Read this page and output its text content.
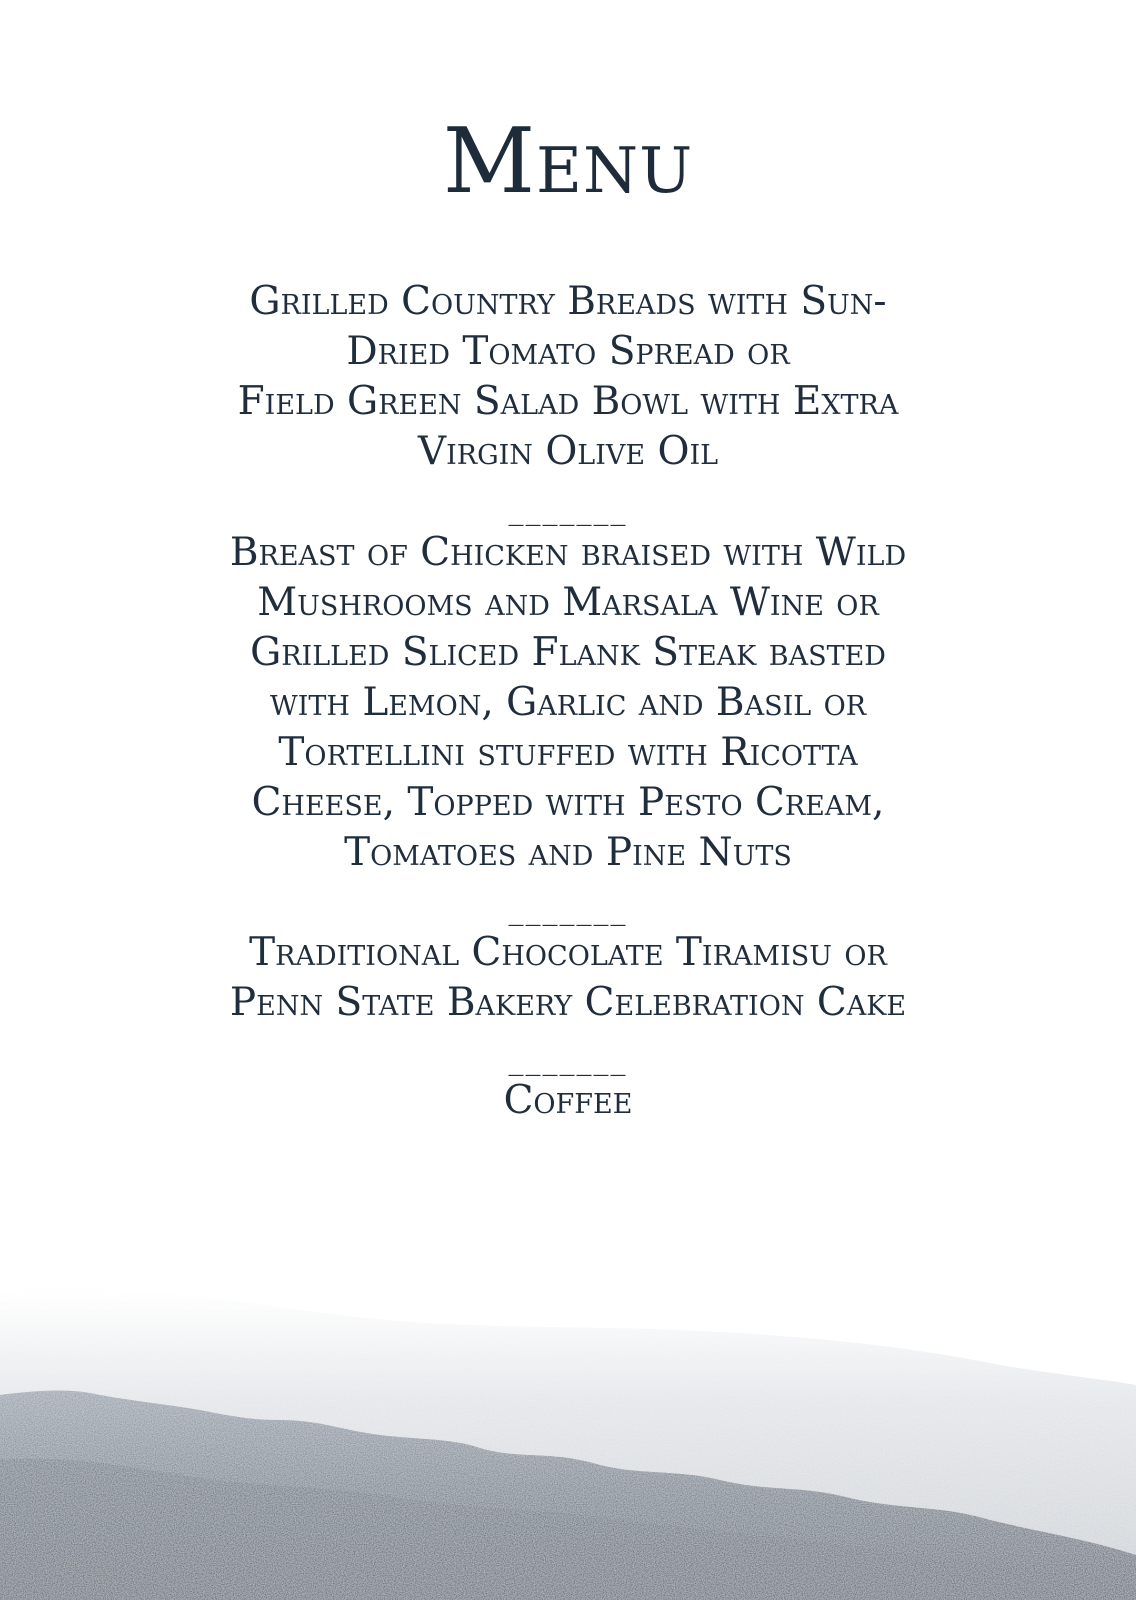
Menu
Grilled Country Breads with Sun-
Dried Tomato Spread or
Field Green Salad Bowl with Extra
Virgin Olive Oil
_______
Breast of Chicken braised with Wild
Mushrooms and Marsala Wine or
Grilled Sliced Flank Steak basted
with Lemon, Garlic and Basil or
Tortellini stuffed with Ricotta
Cheese, Topped with Pesto Cream,
Tomatoes and Pine Nuts
_______
Traditional Chocolate Tiramisu or
Penn State Bakery Celebration Cake
_______
Coffee
